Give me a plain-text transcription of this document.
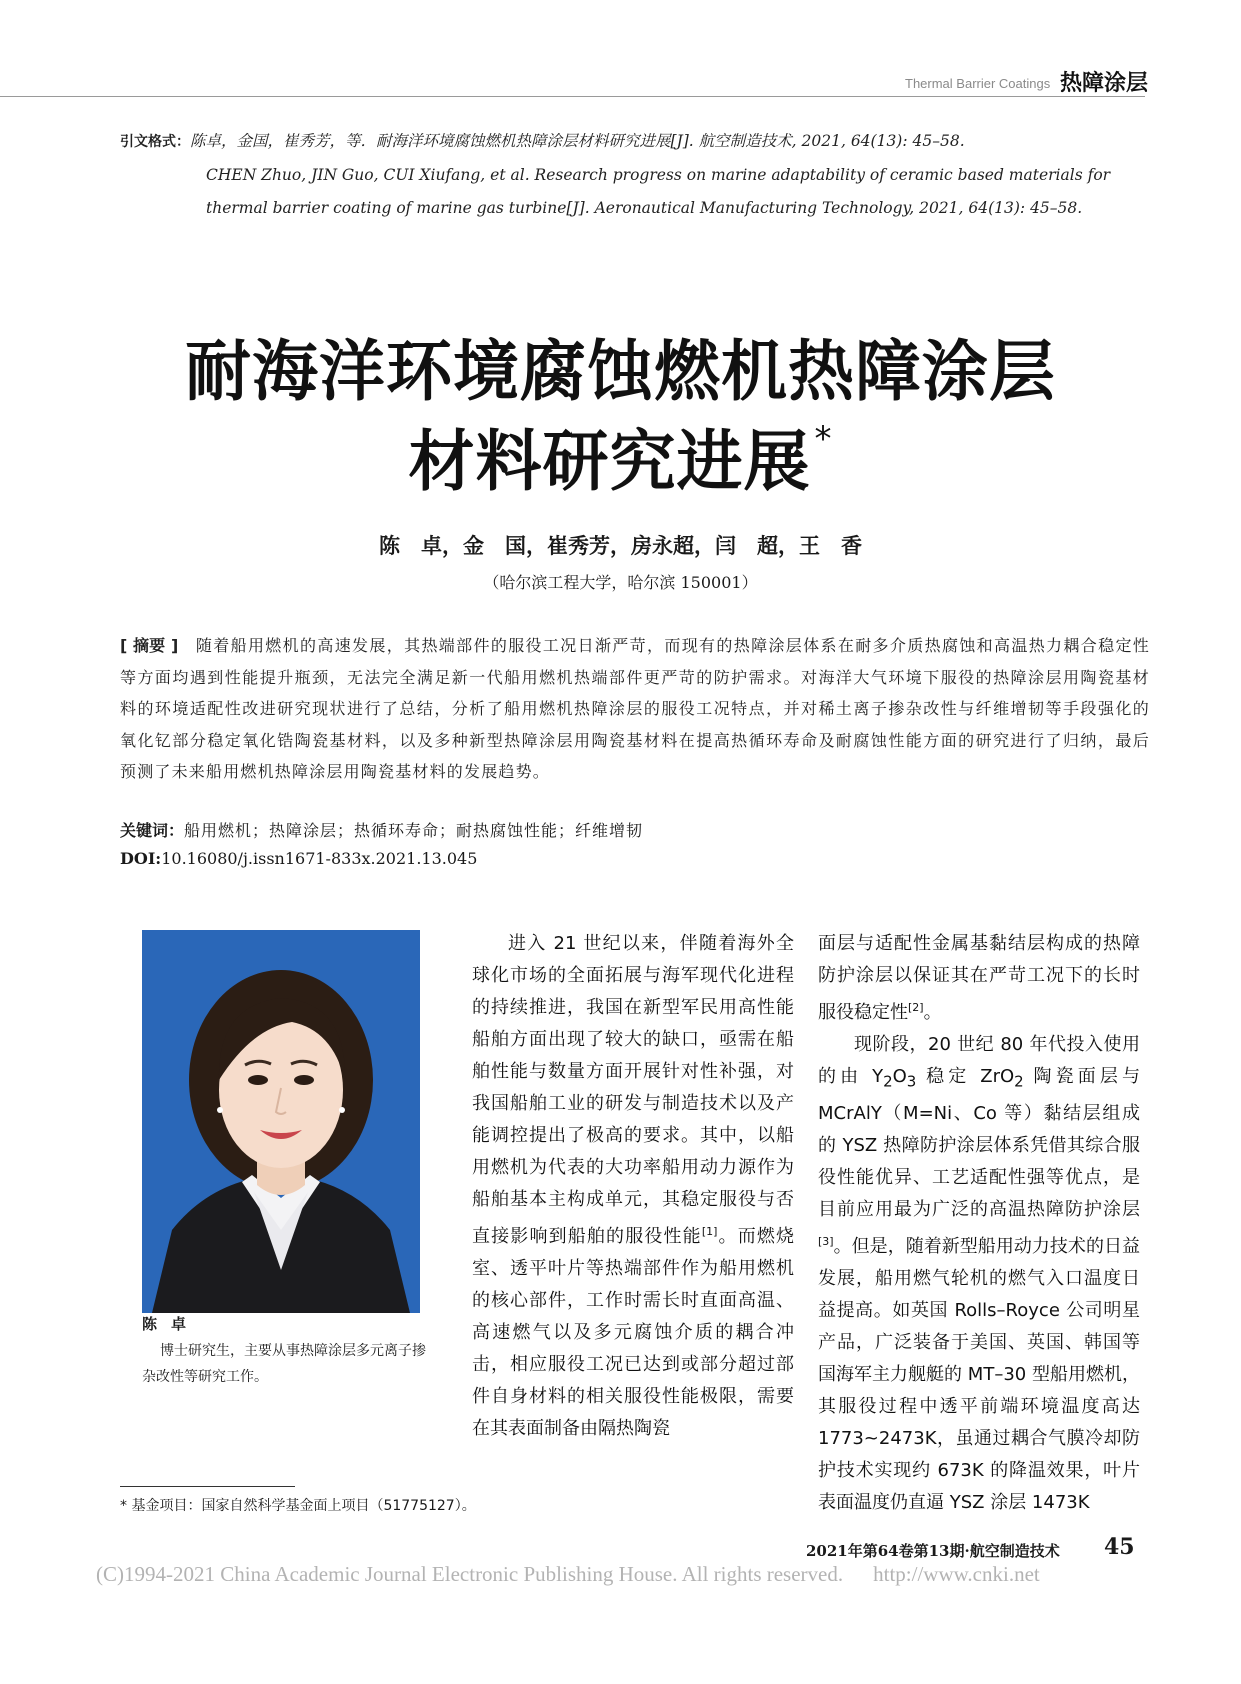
Thermal Barrier Coatings 热障涂层
引文格式：陈卓，金国，崔秀芳，等．耐海洋环境腐蚀燃机热障涂层材料研究进展[J]. 航空制造技术, 2021, 64(13): 45–58.
CHEN Zhuo, JIN Guo, CUI Xiufang, et al. Research progress on marine adaptability of ceramic based materials for thermal barrier coating of marine gas turbine[J]. Aeronautical Manufacturing Technology, 2021, 64(13): 45–58.
耐海洋环境腐蚀燃机热障涂层
材料研究进展 *
陈　卓，金　国，崔秀芳，房永超，闫　超，王　香
（哈尔滨工程大学，哈尔滨 150001）
[ 摘要 ]　 随着船用燃机的高速发展，其热端部件的服役工况日渐严苛，而现有的热障涂层体系在耐多介质热腐蚀和高温热力耦合稳定性等方面均遇到性能提升瓶颈，无法完全满足新一代船用燃机热端部件更严苛的防护需求。对海洋大气环境下服役的热障涂层用陶瓷基材料的环境适配性改进研究现状进行了总结，分析了船用燃机热障涂层的服役工况特点，并对稀土离子掺杂改性与纤维增韧等手段强化的氧化钇部分稳定氧化锆陶瓷基材料，以及多种新型热障涂层用陶瓷基材料在提高热循环寿命及耐腐蚀性能方面的研究进行了归纳，最后预测了未来船用燃机热障涂层用陶瓷基材料的发展趋势。
关键词：船用燃机；热障涂层；热循环寿命；耐热腐蚀性能；纤维增韧
DOI:10.16080/j.issn1671-833x.2021.13.045
陈卓
博士研究生，主要从事热障涂层多元离子掺杂改性等研究工作。

进入 21 世纪以来，伴随着海外全球化市场的全面拓展与海军现代化进程的持续推进，我国在新型军民用高性能船舶方面出现了较大的缺口，亟需在船舶性能与数量方面开展针对性补强，对我国船舶工业的研发与制造技术以及产能调控提出了极高的要求。其中，以船用燃机为代表的大功率船用动力源作为船舶基本主构成单元，其稳定服役与否直接影响到船舶的服役性能[1]。而燃烧室、透平叶片等热端部件作为船用燃机的核心部件，工作时需长时直面高温、高速燃气以及多元腐蚀介质的耦合冲击，相应服役工况已达到或部分超过部件自身材料的相关服役性能极限，需要在其表面制备由隔热陶瓷

面层与适配性金属基黏结层构成的热障防护涂层以保证其在严苛工况下的长时服役稳定性[2]。

现阶段，20 世纪 80 年代投入使用的由 $Y_2O_3$ 稳定 ZrO$_2$ 陶瓷面层与 MCrAlY（M=Ni、Co 等）黏结层组成的 YSZ 热障防护涂层体系凭借其综合服役性能优异、工艺适配性强等优点，是目前应用最为广泛的高温热障防护涂层[3]。但是，随着新型船用动力技术的日益发展，船用燃气轮机的燃气入口温度日益提高。如英国 Rolls–Royce 公司明星产品，广泛装备于美国、英国、韩国等国海军主力舰艇的 MT–30 型船用燃机，其服役过程中透平前端环境温度高达 1773~2473K，虽通过耦合气膜冷却防护技术实现约 673K 的降温效果，叶片表面温度仍直逼 YSZ 涂层 1473K

* 基金项目：国家自然科学基金面上项目（51775127）。
2021年第64卷第13期·航空制造技术 45
(C)1994-2021 China Academic Journal Electronic Publishing House. All rights reserved. http://www.cnki.net
